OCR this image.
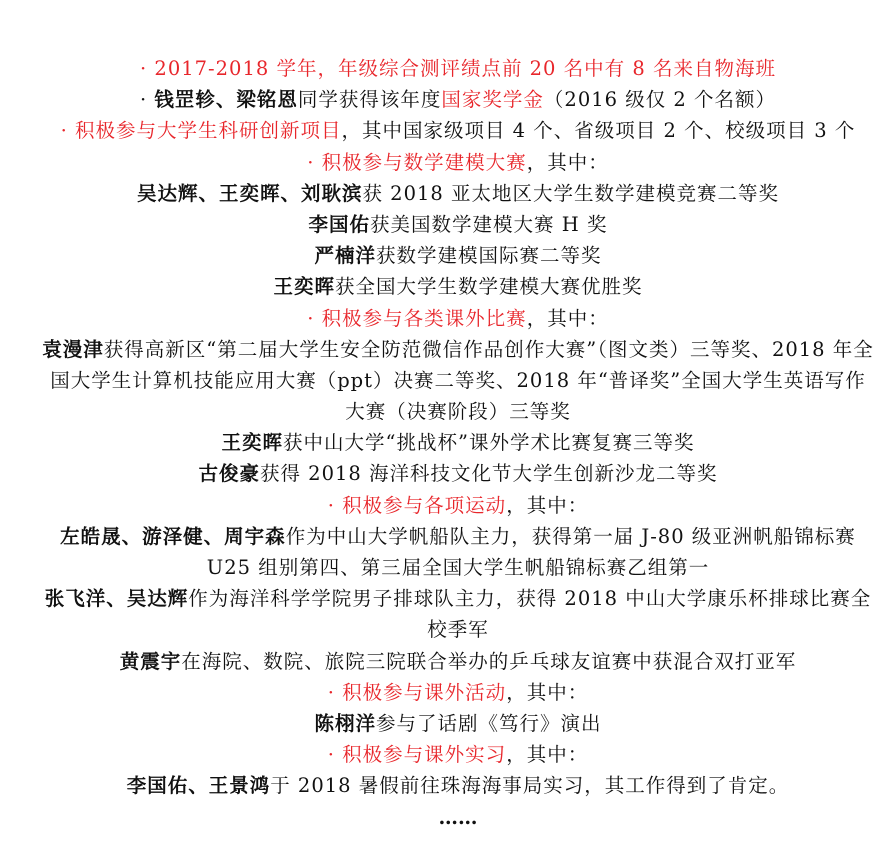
· 2017-2018 学年，年级综合测评绩点前 20 名中有 8 名来自物海班
· 钱罡轸、梁铭恩同学获得该年度国家奖学金（2016 级仅 2 个名额）
· 积极参与大学生科研创新项目，其中国家级项目 4 个、省级项目 2 个、校级项目 3 个
· 积极参与数学建模大赛，其中：
吴达辉、王奕晖、刘耿滨获 2018 亚太地区大学生数学建模竞赛二等奖
李国佑获美国数学建模大赛 H 奖
严楠洋获数学建模国际赛二等奖
王奕晖获全国大学生数学建模大赛优胜奖
· 积极参与各类课外比赛，其中：
袁漫津获得高新区“第二届大学生安全防范微信作品创作大赛”（图文类）三等奖、2018 年全国大学生计算机技能应用大赛（ppt）决赛二等奖、2018 年“普译奖”全国大学生英语写作大赛（决赛阶段）三等奖
王奕晖获中山大学“挑战杯”课外学术比赛复赛三等奖
古俊豪获得 2018 海洋科技文化节大学生创新沙龙二等奖
· 积极参与各项运动，其中：
左皓晟、游泽健、周宇森作为中山大学帆船队主力，获得第一届 J-80 级亚洲帆船锦标赛 U25 组别第四、第三届全国大学生帆船锦标赛乙组第一
张飞洋、吴达辉作为海洋科学学院男子排球队主力，获得 2018 中山大学康乐杯排球比赛全校季军
黄震宇在海院、数院、旅院三院联合举办的乒乓球友谊赛中获混合双打亚军
· 积极参与课外活动，其中：
陈栩洋参与了话剧《笃行》演出
· 积极参与课外实习，其中：
李国佑、王景鸿于 2018 暑假前往珠海海事局实习，其工作得到了肯定。
……
